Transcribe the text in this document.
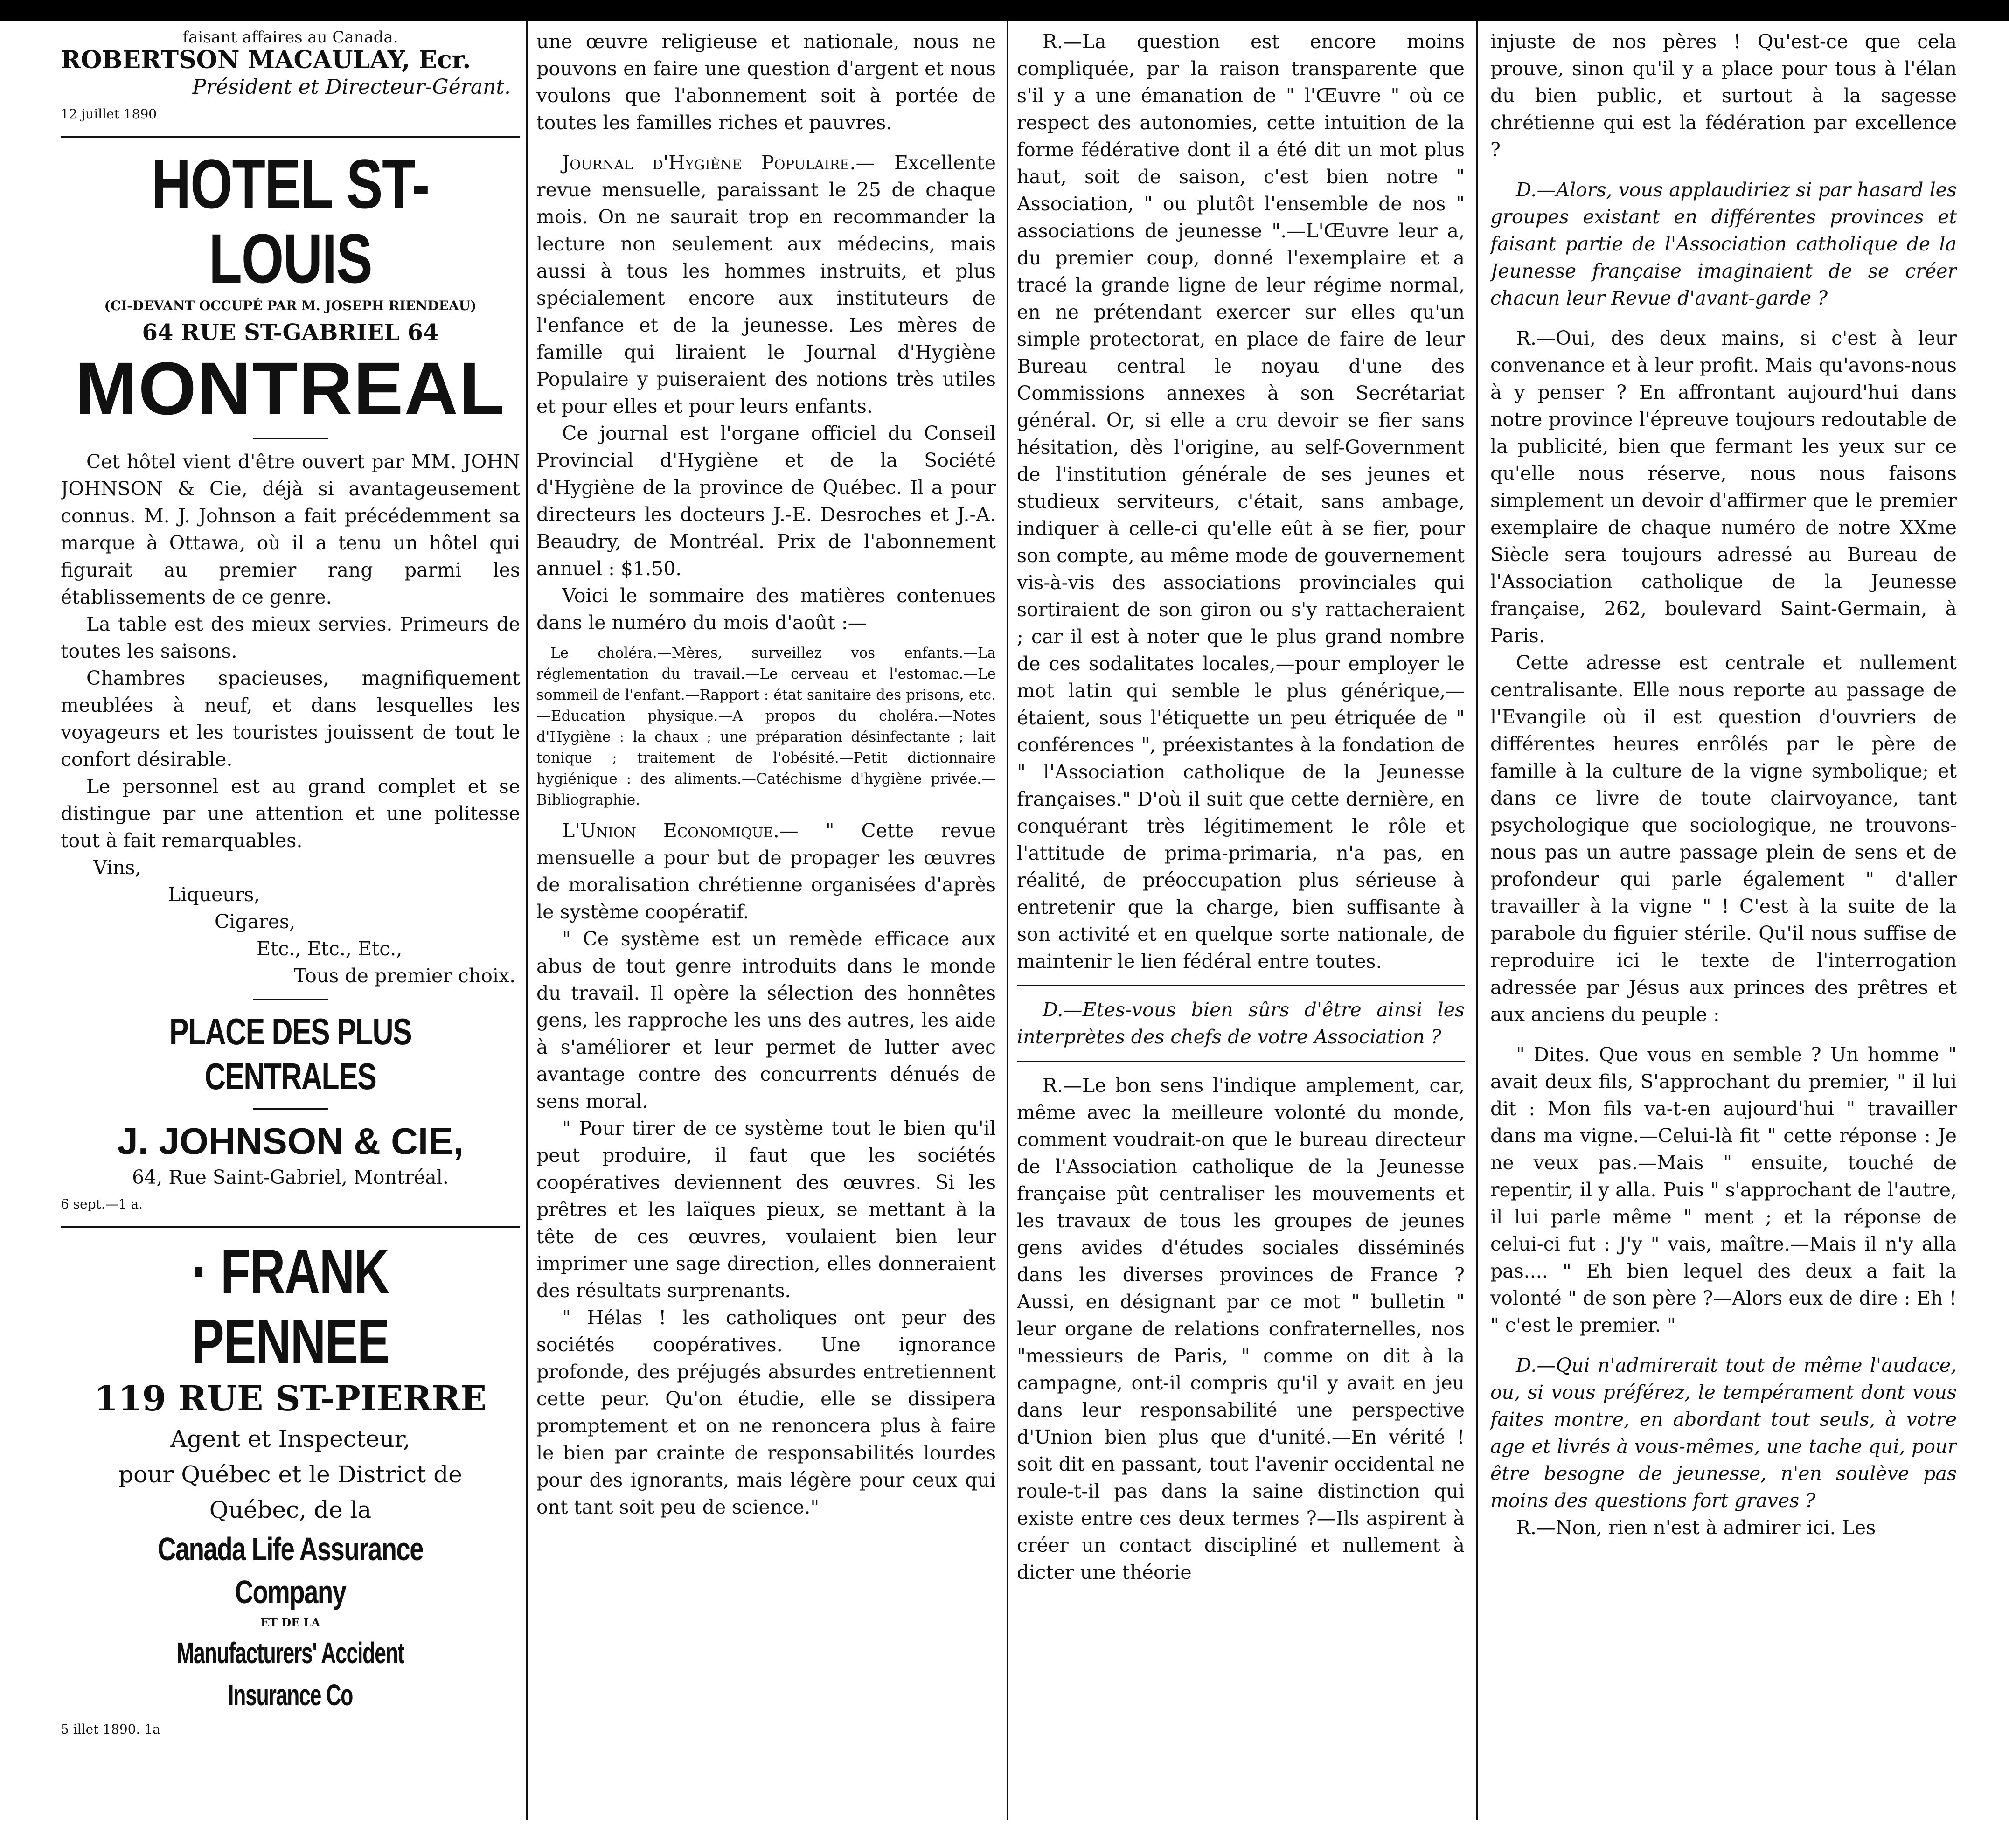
faisant affaires au Canada.

ROBERTSON MACAULAY, Ecr.

Président et Directeur-Gérant.

12 juillet 1890

HOTEL ST-LOUIS

(CI-DEVANT OCCUPÉ PAR M. JOSEPH RIENDEAU)

64 RUE ST-GABRIEL 64

MONTREAL

Cet hôtel vient d'être ouvert par MM. JOHN JOHNSON & Cie, déjà si avantageusement connus. M. J. Johnson a fait précédemment sa marque à Ottawa, où il a tenu un hôtel qui figurait au premier rang parmi les établissements de ce genre.

La table est des mieux servies. Primeurs de toutes les saisons.

Chambres spacieuses, magnifiquement meublées à neuf, et dans lesquelles les voyageurs et les touristes jouissent de tout le confort désirable.

Le personnel est au grand complet et se distingue par une attention et une politesse tout à fait remarquables.

Vins,

Liqueurs,

Cigares,

Etc., Etc., Etc.,

Tous de premier choix.

PLACE DES PLUS CENTRALES
J. JOHNSON & CIE,

64, Rue Saint-Gabriel, Montréal.

6 sept.—1 a.

· FRANK PENNEE

119 RUE ST-PIERRE

Agent et Inspecteur,

pour Québec et le District de

Québec, de la

Canada Life Assurance Company

ET DE LA

Manufacturers' Accident Insurance Co

5 illet 1890. 1a

une œuvre religieuse et nationale, nous ne pouvons en faire une question d'argent et nous voulons que l'abonnement soit à portée de toutes les familles riches et pauvres.

Journal d'Hygiène Populaire.— Excellente revue mensuelle, paraissant le 25 de chaque mois. On ne saurait trop en recommander la lecture non seulement aux médecins, mais aussi à tous les hommes instruits, et plus spécialement encore aux instituteurs de l'enfance et de la jeunesse. Les mères de famille qui liraient le Journal d'Hygiène Populaire y puiseraient des notions très utiles et pour elles et pour leurs enfants.

Ce journal est l'organe officiel du Conseil Provincial d'Hygiène et de la Société d'Hygiène de la province de Québec. Il a pour directeurs les docteurs J.-E. Desroches et J.-A. Beaudry, de Montréal. Prix de l'abonnement annuel : $1.50.

Voici le sommaire des matières contenues dans le numéro du mois d'août :—

Le choléra.—Mères, surveillez vos enfants.—La réglementation du travail.—Le cerveau et l'estomac.—Le sommeil de l'enfant.—Rapport : état sanitaire des prisons, etc.—Education physique.—A propos du choléra.—Notes d'Hygiène : la chaux ; une préparation désinfectante ; lait tonique ; traitement de l'obésité.—Petit dictionnaire hygiénique : des aliments.—Catéchisme d'hygiène privée.—Bibliographie.

L'Union Economique.— " Cette revue mensuelle a pour but de propager les œuvres de moralisation chrétienne organisées d'après le système coopératif.

" Ce système est un remède efficace aux abus de tout genre introduits dans le monde du travail. Il opère la sélection des honnêtes gens, les rapproche les uns des autres, les aide à s'améliorer et leur permet de lutter avec avantage contre des concurrents dénués de sens moral.

" Pour tirer de ce système tout le bien qu'il peut produire, il faut que les sociétés coopératives deviennent des œuvres. Si les prêtres et les laïques pieux, se mettant à la tête de ces œuvres, voulaient bien leur imprimer une sage direction, elles donneraient des résultats surprenants.

" Hélas ! les catholiques ont peur des sociétés coopératives. Une ignorance profonde, des préjugés absurdes entretiennent cette peur. Qu'on étudie, elle se dissipera promptement et on ne renoncera plus à faire le bien par crainte de responsabilités lourdes pour des ignorants, mais légère pour ceux qui ont tant soit peu de science."

R.—La question est encore moins compliquée, par la raison transparente que s'il y a une émanation de " l'Œuvre " où ce respect des autonomies, cette intuition de la forme fédérative dont il a été dit un mot plus haut, soit de saison, c'est bien notre " Association, " ou plutôt l'ensemble de nos " associations de jeunesse ".—L'Œuvre leur a, du premier coup, donné l'exemplaire et a tracé la grande ligne de leur régime normal, en ne prétendant exercer sur elles qu'un simple protectorat, en place de faire de leur Bureau central le noyau d'une des Commissions annexes à son Secrétariat général. Or, si elle a cru devoir se fier sans hésitation, dès l'origine, au self-Government de l'institution générale de ses jeunes et studieux serviteurs, c'était, sans ambage, indiquer à celle-ci qu'elle eût à se fier, pour son compte, au même mode de gouvernement vis-à-vis des associations provinciales qui sortiraient de son giron ou s'y rattacheraient ; car il est à noter que le plus grand nombre de ces sodalitates locales,—pour employer le mot latin qui semble le plus générique,— étaient, sous l'étiquette un peu étriquée de " conférences ", préexistantes à la fondation de " l'Association catholique de la Jeunesse françaises." D'où il suit que cette dernière, en conquérant très légitimement le rôle et l'attitude de prima-primaria, n'a pas, en réalité, de préoccupation plus sérieuse à entretenir que la charge, bien suffisante à son activité et en quelque sorte nationale, de maintenir le lien fédéral entre toutes.

D.—Etes-vous bien sûrs d'être ainsi les interprètes des chefs de votre Association ?

R.—Le bon sens l'indique amplement, car, même avec la meilleure volonté du monde, comment voudrait-on que le bureau directeur de l'Association catholique de la Jeunesse française pût centraliser les mouvements et les travaux de tous les groupes de jeunes gens avides d'études sociales disséminés dans les diverses provinces de France ? Aussi, en désignant par ce mot " bulletin " leur organe de relations confraternelles, nos "messieurs de Paris, " comme on dit à la campagne, ont-il compris qu'il y avait en jeu dans leur responsabilité une perspective d'Union bien plus que d'unité.—En vérité ! soit dit en passant, tout l'avenir occidental ne roule-t-il pas dans la saine distinction qui existe entre ces deux termes ?—Ils aspirent à créer un contact discipliné et nullement à dicter une théorie

injuste de nos pères ! Qu'est-ce que cela prouve, sinon qu'il y a place pour tous à l'élan du bien public, et surtout à la sagesse chrétienne qui est la fédération par excellence ?

D.—Alors, vous applaudiriez si par hasard les groupes existant en différentes provinces et faisant partie de l'Association catholique de la Jeunesse française imaginaient de se créer chacun leur Revue d'avant-garde ?

R.—Oui, des deux mains, si c'est à leur convenance et à leur profit. Mais qu'avons-nous à y penser ? En affrontant aujourd'hui dans notre province l'épreuve toujours redoutable de la publicité, bien que fermant les yeux sur ce qu'elle nous réserve, nous nous faisons simplement un devoir d'affirmer que le premier exemplaire de chaque numéro de notre XXme Siècle sera toujours adressé au Bureau de l'Association catholique de la Jeunesse française, 262, boulevard Saint-Germain, à Paris.

Cette adresse est centrale et nullement centralisante. Elle nous reporte au passage de l'Evangile où il est question d'ouvriers de différentes heures enrôlés par le père de famille à la culture de la vigne symbolique; et dans ce livre de toute clairvoyance, tant psychologique que sociologique, ne trouvons-nous pas un autre passage plein de sens et de profondeur qui parle également " d'aller travailler à la vigne " ! C'est à la suite de la parabole du figuier stérile. Qu'il nous suffise de reproduire ici le texte de l'interrogation adressée par Jésus aux princes des prêtres et aux anciens du peuple :

" Dites. Que vous en semble ? Un homme " avait deux fils, S'approchant du premier, " il lui dit : Mon fils va-t-en aujourd'hui " travailler dans ma vigne.—Celui-là fit " cette réponse : Je ne veux pas.—Mais " ensuite, touché de repentir, il y alla. Puis " s'approchant de l'autre, il lui parle même " ment ; et la réponse de celui-ci fut : J'y " vais, maître.—Mais il n'y alla pas.... " Eh bien lequel des deux a fait la volonté " de son père ?—Alors eux de dire : Eh ! " c'est le premier. "

D.—Qui n'admirerait tout de même l'audace, ou, si vous préférez, le tempérament dont vous faites montre, en abordant tout seuls, à votre age et livrés à vous-mêmes, une tache qui, pour être besogne de jeunesse, n'en soulève pas moins des questions fort graves ?

R.—Non, rien n'est à admirer ici. Les
